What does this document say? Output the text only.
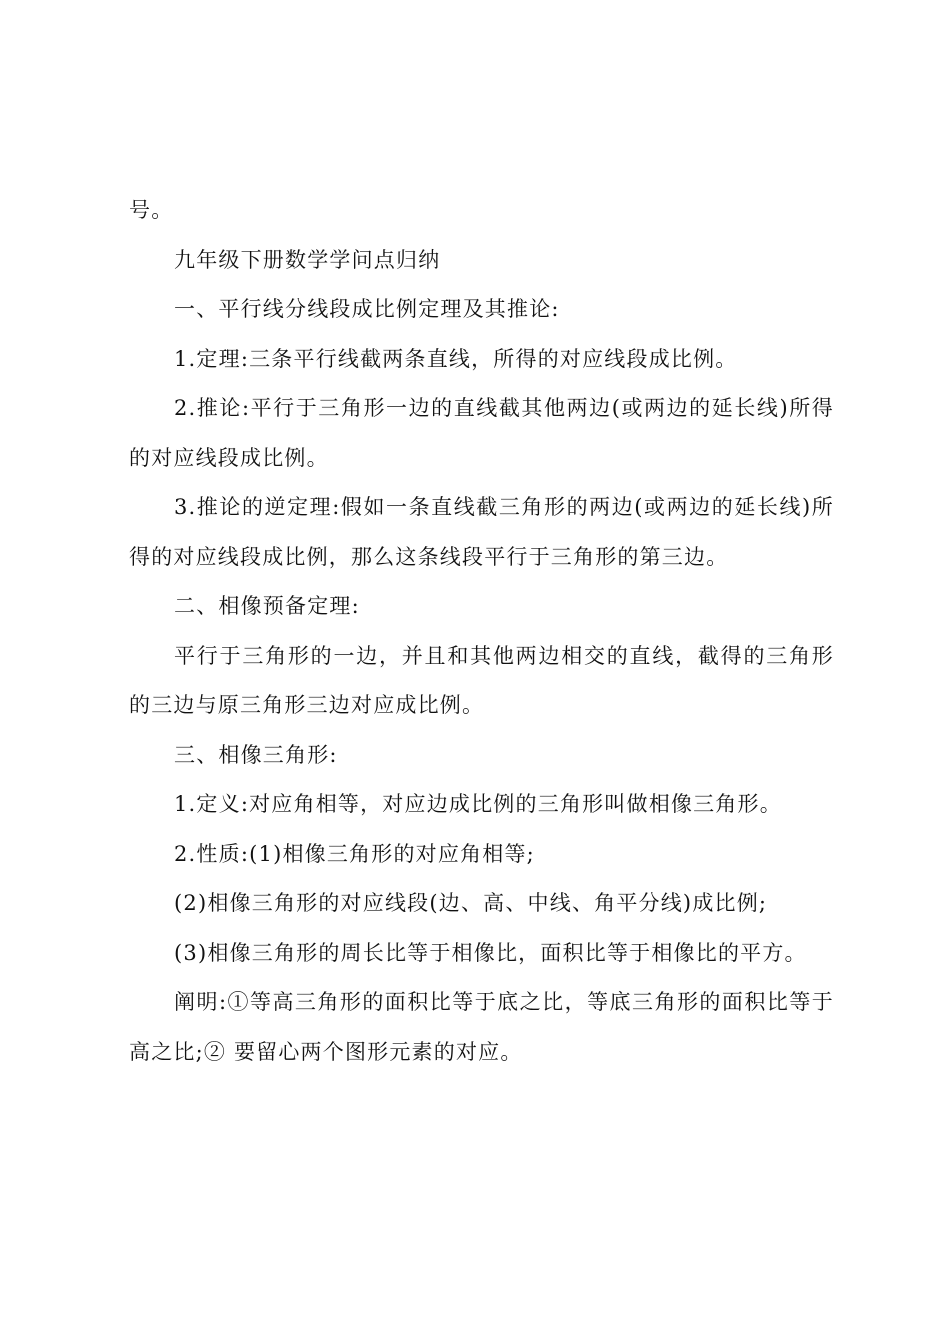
号。

九年级下册数学学问点归纳

一、平行线分线段成比例定理及其推论:

1.定理:三条平行线截两条直线，所得的对应线段成比例。

2.推论:平行于三角形一边的直线截其他两边(或两边的延长线)所得的对应线段成比例。

3.推论的逆定理:假如一条直线截三角形的两边(或两边的延长线)所得的对应线段成比例，那么这条线段平行于三角形的第三边。

二、相像预备定理:

平行于三角形的一边，并且和其他两边相交的直线，截得的三角形的三边与原三角形三边对应成比例。

三、相像三角形:

1.定义:对应角相等，对应边成比例的三角形叫做相像三角形。

2.性质:(1)相像三角形的对应角相等;

(2)相像三角形的对应线段(边、高、中线、角平分线)成比例;

(3)相像三角形的周长比等于相像比，面积比等于相像比的平方。

阐明:①等高三角形的面积比等于底之比，等底三角形的面积比等于高之比;② 要留心两个图形元素的对应。
